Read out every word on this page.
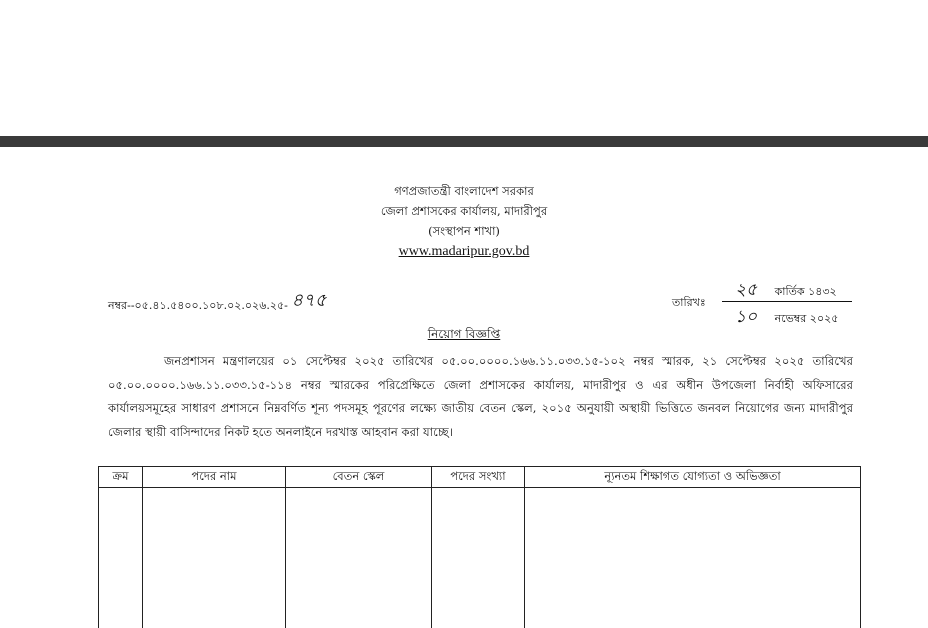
গণপ্রজাতন্ত্রী বাংলাদেশ সরকার
জেলা প্রশাসকের কার্যালয়, মাদারীপুর
(সংস্থাপন শাখা)
www.madaripur.gov.bd
নম্বর--০৫.৪১.৫৪০০.১০৮.০২.০২৬.২৫- ৪৭৫	তারিখঃ
২৫ কার্তিক ১৪৩২
১০ নভেম্বর ২০২৫
নিয়োগ বিজ্ঞপ্তি
জনপ্রশাসন মন্ত্রণালয়ের ০১ সেপ্টেম্বর ২০২৫ তারিখের ০৫.০০.০০০০.১৬৬.১১.০৩৩.১৫-১০২ নম্বর স্মারক, ২১ সেপ্টেম্বর ২০২৫ তারিখের ০৫.০০.০০০০.১৬৬.১১.০৩৩.১৫-১১৪ নম্বর স্মারকের পরিপ্রেক্ষিতে জেলা প্রশাসকের কার্যালয়, মাদারীপুর ও এর অধীন উপজেলা নির্বাহী অফিসারের কার্যালয়সমূহের সাধারণ প্রশাসনে নিম্নবর্ণিত শূন্য পদসমূহ পূরণের লক্ষ্যে জাতীয় বেতন স্কেল, ২০১৫ অনুযায়ী অস্থায়ী ভিত্তিতে জনবল নিয়োগের জন্য মাদারীপুর জেলার স্থায়ী বাসিন্দাদের নিকট হতে অনলাইনে দরখাস্ত আহবান করা যাচ্ছে।
ক্রম	পদের নাম	বেতন স্কেল	পদের সংখ্যা	ন্যূনতম শিক্ষাগত যোগ্যতা ও অভিজ্ঞতা
